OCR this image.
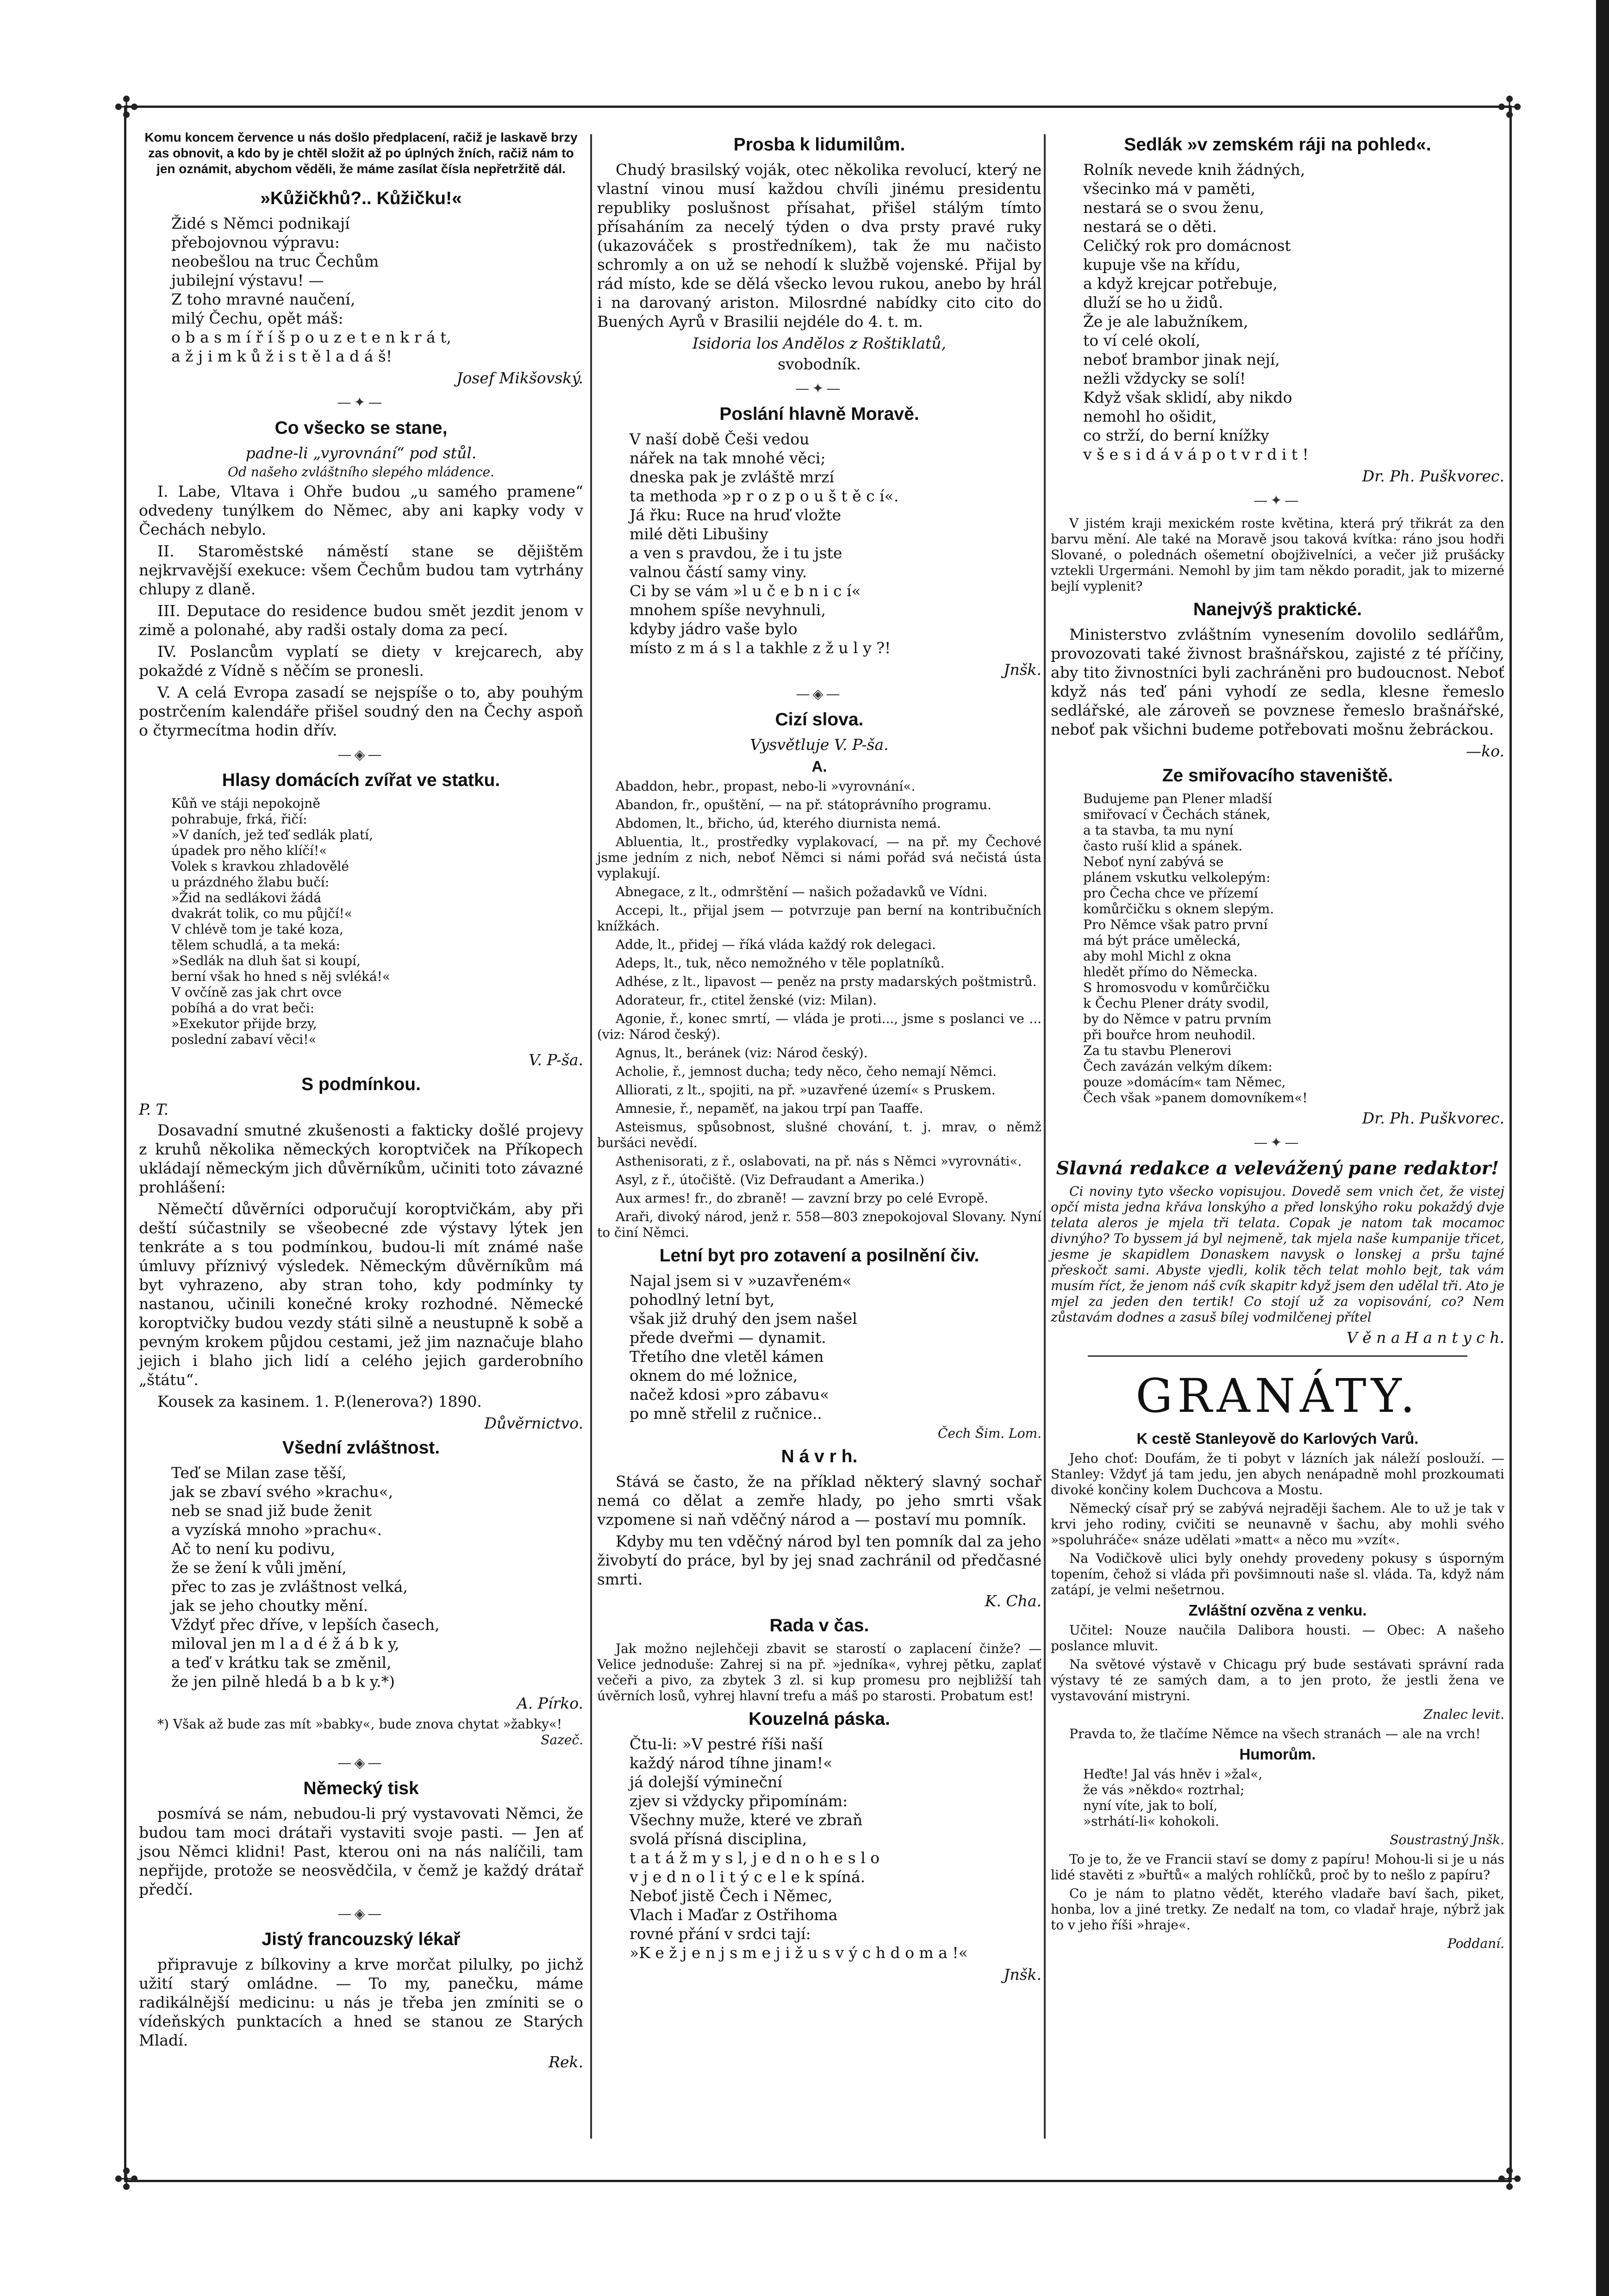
✣	✣
✣	✣
Komu koncem července u nás došlo předplacení, račiž je laskavě brzy zas obnovit, a kdo by je chtěl složit až po úplných žních, račiž nám to jen oznámit, abychom věděli, že máme zasílat čísla nepřetržitě dál.
»Kůžičkhů?.. Kůžičku!«
Židé s Němci podnikají
přebojovnou výpravu:
neobešlou na truc Čechům
jubilejní výstavu! —
Z toho mravné naučení,
milý Čechu, opět máš:
o b a s m í ř í š p o u z e t e n k r á t,
a ž j i m k ů ž i s t ě l a d á š!
Josef Mikšovský.
—✦—
Co všecko se stane,
padne-li „vyrovnání“ pod stůl.
Od našeho zvláštního slepého mládence.

I. Labe, Vltava i Ohře budou „u samého pramene“ odvedeny tunýlkem do Němec, aby ani kapky vody v Čechách nebylo.

II. Staroměstské náměstí stane se dějištěm nejkrvavější exekuce: všem Čechům budou tam vytrhány chlupy z dlaně.

III. Deputace do residence budou smět jezdit jenom v zimě a polonahé, aby radši ostaly doma za pecí.

IV. Poslancům vyplatí se diety v krejcarech, aby pokaždé z Vídně s něčím se pronesli.

V. A celá Evropa zasadí se nejspíše o to, aby pouhým postrčením kalendáře přišel soudný den na Čechy aspoň o čtyrmecítma hodin dřív.

—◈—
Hlasy domácích zvířat ve statku.
Kůň ve stáji nepokojně
pohrabuje, frká, řičí:
»V daních, jež teď sedlák platí,
úpadek pro něho klíčí!«
Volek s kravkou zhladovělé
u prázdného žlabu bučí:
»Žid na sedlákovi žádá
dvakrát tolik, co mu půjčí!«
V chlévě tom je také koza,
tělem schudlá, a ta meká:
»Sedlák na dluh šat si koupí,
berní však ho hned s něj svléká!«
V ovčíně zas jak chrt ovce
pobíhá a do vrat beči:
»Exekutor přijde brzy,
poslední zabaví věci!«
V. P-ša.
S podmínkou.
P. T.

Dosavadní smutné zkušenosti a fakticky došlé projevy z kruhů několika německých koroptviček na Příkopech ukládají německým jich důvěrníkům, učiniti toto závazné prohlášení:

Němečtí důvěrníci odporučují koroptvičkám, aby při deští súčastnily se všeobecné zde výstavy lýtek jen tenkráte a s tou podmínkou, budou-li mít známé naše úmluvy příznivý výsledek. Německým důvěrníkům má byt vyhrazeno, aby stran toho, kdy podmínky ty nastanou, učinili konečné kroky rozhodné. Německé koroptvičky budou vezdy státi silně a neustupně k sobě a pevným krokem půjdou cestami, jež jim naznačuje blaho jejich i blaho jich lidí a celého jejich garderobního „štátu“.

Kousek za kasinem. 1. P.(lenerova?) 1890.

Důvěrnictvo.
Všední zvláštnost.
Teď se Milan zase těší,
jak se zbaví svého »krachu«,
neb se snad již bude ženit
a vyzíská mnoho »prachu«.
Ač to není ku podivu,
že se žení k vůli jmění,
přec to zas je zvláštnost velká,
jak se jeho choutky mění.
Vždyť přec dříve, v lepších časech,
miloval jen m l a d é ž á b k y,
a teď v krátku tak se změnil,
že jen pilně hledá b a b k y.*)
A. Pírko.
*) Však až bude zas mít »babky«, bude znova chytat »žabky«!
Sazeč.
—◈—
Německý tisk

posmívá se nám, nebudou-li prý vystavovati Němci, že budou tam moci drátaři vystaviti svoje pasti. — Jen ať jsou Němci klidni! Past, kterou oni na nás nalíčili, tam nepřijde, protože se neosvědčila, v čemž je každý drátař předčí.

—◈—
Jistý francouzský lékař

připravuje z bílkoviny a krve morčat pilulky, po jichž užití starý omládne. — To my, panečku, máme radikálnější medicinu: u nás je třeba jen zmíniti se o vídeňských punktacích a hned se stanou ze Starých Mladí.

Rek.
Prosba k lidumilům.

Chudý brasilský voják, otec několika revolucí, který ne vlastní vinou musí každou chvíli jinému presidentu republiky poslušnost přísahat, přišel stálým tímto přísaháním za necelý týden o dva prsty pravé ruky (ukazováček s prostředníkem), tak že mu načisto schromly a on už se nehodí k službě vojenské. Přijal by rád místo, kde se dělá všecko levou rukou, anebo by hrál i na darovaný ariston. Milosrdné nabídky cito cito do Buených Ayrů v Brasilii nejdéle do 4. t. m.

Isidoria los Andělos z Roštiklatů,
svobodník.
—✦—
Poslání hlavně Moravě.
V naší době Češi vedou
nářek na tak mnohé věci;
dneska pak je zvláště mrzí
ta methoda »p r o z p o u š t ě c í«.
Já řku: Ruce na hruď vložte
milé děti Libušiny
a ven s pravdou, že i tu jste
valnou částí samy viny.
Ci by se vám »l u č e b n i c í«
mnohem spíše nevyhnuli,
kdyby jádro vaše bylo
místo z m á s l a takhle z ž u l y ?!
Jnšk.
—◈—
Cizí slova.
Vysvětluje V. P-ša.
A.

Abaddon, hebr., propast, nebo-li »vyrovnání«.

Abandon, fr., opuštění, — na př. státoprávního programu.

Abdomen, lt., břicho, úd, kterého diurnista nemá.

Abluentia, lt., prostředky vyplakovací, — na př. my Čechové jsme jedním z nich, neboť Němci si námi pořád svá nečistá ústa vyplakují.

Abnegace, z lt., odmrštění — našich požadavků ve Vídni.

Accepi, lt., přijal jsem — potvrzuje pan berní na kontribučních knížkách.

Adde, lt., přidej — říká vláda každý rok delegaci.

Adeps, lt., tuk, něco nemožného v těle poplatníků.

Adhése, z lt., lipavost — peněz na prsty madarských poštmistrů.

Adorateur, fr., ctitel ženské (viz: Milan).

Agonie, ř., konec smrtí, — vláda je proti..., jsme s poslanci ve ... (viz: Národ český).

Agnus, lt., beránek (viz: Národ český).

Acholie, ř., jemnost ducha; tedy něco, čeho nemají Němci.

Alliorati, z lt., spojiti, na př. »uzavřené území« s Pruskem.

Amnesie, ř., nepaměť, na jakou trpí pan Taaffe.

Asteismus, spůsobnost, slušné chování, t. j. mrav, o němž buršáci nevědí.

Asthenisorati, z ř., oslabovati, na př. nás s Němci »vyrovnáti«.

Asyl, z ř., útočiště. (Viz Defraudant a Amerika.)

Aux armes! fr., do zbraně! — zavzní brzy po celé Evropě.

Araři, divoký národ, jenž r. 558—803 znepokojoval Slovany. Nyní to činí Němci.

Letní byt pro zotavení a posilnění čiv.
Najal jsem si v »uzavřeném«
pohodlný letní byt,
však již druhý den jsem našel
přede dveřmi — dynamit.
Třetího dne vletěl kámen
oknem do mé ložnice,
načež kdosi »pro zábavu«
po mně střelil z ručnice..
Čech Šim. Lom.
N á v r h.

Stává se často, že na příklad některý slavný sochař nemá co dělat a zemře hlady, po jeho smrti však vzpomene si naň vděčný národ a — postaví mu pomník.

Kdyby mu ten vděčný národ byl ten pomník dal za jeho živobytí do práce, byl by jej snad zachránil od předčasné smrti.

K. Cha.
Rada v čas.

Jak možno nejlehčeji zbavit se starostí o zaplacení činže? — Velice jednoduše: Zahrej si na př. »jedníka«, vyhrej pětku, zaplať večeři a pivo, za zbytek 3 zl. si kup promesu pro nejbližší tah úvěrních losů, vyhrej hlavní trefu a máš po starosti. Probatum est!

Kouzelná páska.
Čtu-li: »V pestré říši naší
každý národ tíhne jinam!«
já dolejší výmineční
zjev si vždycky připomínám:
Všechny muže, které ve zbraň
svolá přísná disciplina,
t a t á ž m y s l, j e d n o h e s l o
v j e d n o l i t ý c e l e k spíná.
Neboť jistě Čech i Němec,
Vlach i Maďar z Ostřihoma
rovné přání v srdci tají:
»K e ž j e n j s m e j i ž u s v ý c h d o m a !«
Jnšk.
Sedlák »v zemském ráji na pohled«.
Rolník nevede knih žádných,
všecinko má v paměti,
nestará se o svou ženu,
nestará se o děti.
Celičký rok pro domácnost
kupuje vše na křídu,
a když krejcar potřebuje,
dluží se ho u židů.
Že je ale labužníkem,
to ví celé okolí,
neboť brambor jinak nejí,
nežli vždycky se solí!
Když však sklidí, aby nikdo
nemohl ho ošidit,
co strží, do berní knížky
v š e s i d á v á p o t v r d i t !
Dr. Ph. Puškvorec.
—✦—

V jistém kraji mexickém roste květina, která prý třikrát za den barvu mění. Ale také na Moravě jsou taková kvítka: ráno jsou hodři Slované, o polednách ošemetní obojživelníci, a večer již prušácky vztekli Urgermáni. Nemohl by jim tam někdo poradit, jak to mizerné bejlí vyplenit?

Nanejvýš praktické.

Ministerstvo zvláštním vynesením dovolilo sedlářům, provozovati také živnost brašnářskou, zajisté z té příčiny, aby tito živnostníci byli zachráněni pro budoucnost. Neboť když nás teď páni vyhodí ze sedla, klesne řemeslo sedlářské, ale zároveň se povznese řemeslo brašnářské, neboť pak všichni budeme potřebovati mošnu žebráckou.

—ko.
Ze smiřovacího staveniště.
Budujeme pan Plener mladší
smiřovací v Čechách stánek,
a ta stavba, ta mu nyní
často ruší klid a spánek.
Neboť nyní zabývá se
plánem vskutku velkolepým:
pro Čecha chce ve přízemí
komůrčičku s oknem slepým.
Pro Němce však patro první
má být práce umělecká,
aby mohl Michl z okna
hledět přímo do Německa.
S hromosvodu v komůrčičku
k Čechu Plener dráty svodil,
by do Němce v patru prvním
při bouřce hrom neuhodil.
Za tu stavbu Plenerovi
Čech zavázán velkým díkem:
pouze »domácím« tam Němec,
Čech však »panem domovníkem«!
Dr. Ph. Puškvorec.
—✦—
Slavná redakce a velevážený pane redaktor!

Ci noviny tyto všecko vopisujou. Dovedě sem vnich čet, že vistej opčí mista jedna křáva lonskýho a před lonskýho roku pokaždý dvje telata aleros je mjela tři telata. Copak je natom tak mocamoc divnýho? To byssem já byl nejmeně, tak mjela naše kumpanije třicet, jesme je skapidlem Donaskem navysk o lonskej a pršu tajné přeskočt sami. Abyste vjedli, kolik těch telat mohlo bejt, tak vám musím říct, že jenom náš cvík skapitr když jsem den udělal tři. Ato je mjel za jeden den tertik! Co stojí už za vopisování, co? Nem zůstavám dodnes a zasuš bílej vodmilčenej přítel

V ě n a H a n t y c h.
GRANÁTY.
K cestě Stanleyově do Karlových Varů.

Jeho choť: Doufám, že ti pobyt v lázních jak náleží poslouží. — Stanley: Vždyť já tam jedu, jen abych nenápadně mohl prozkoumati divoké končiny kolem Duchcova a Mostu.

Německý císař prý se zabývá nejraději šachem. Ale to už je tak v krvi jeho rodiny, cvičiti se neunavně v šachu, aby mohli svého »spoluhráče« snáze udělati »matt« a něco mu »vzít«.

Na Vodičkově ulici byly onehdy provedeny pokusy s úsporným topením, čehož si vláda při povšimnouti naše sl. vláda. Ta, když nám zatápí, je velmi nešetrnou.

Zvláštní ozvěna z venku.

Učitel: Nouze naučila Dalibora housti. — Obec: A našeho poslance mluvit.

Na světové výstavě v Chicagu prý bude sestávati správní rada výstavy té ze samých dam, a to jen proto, že jestli žena ve vystavování mistryni.

Znalec levit.

Pravda to, že tlačíme Němce na všech stranách — ale na vrch!

Humorům.
Heďte! Jal vás hněv i »žal«,
že vás »někdo« roztrhal;
nyní víte, jak to bolí,
»strhátí-li« kohokoli.
Soustrastný Jnšk.

To je to, že ve Francii staví se domy z papíru! Mohou-li si je u nás lidé stavěti z »buřtů« a malých rohlíčků, proč by to nešlo z papíru?

Co je nám to platno vědět, kterého vladaře baví šach, piket, honba, lov a jiné tretky. Ze nedalť na tom, co vladař hraje, nýbrž jak to v jeho říši »hraje«.

Poddaní.
